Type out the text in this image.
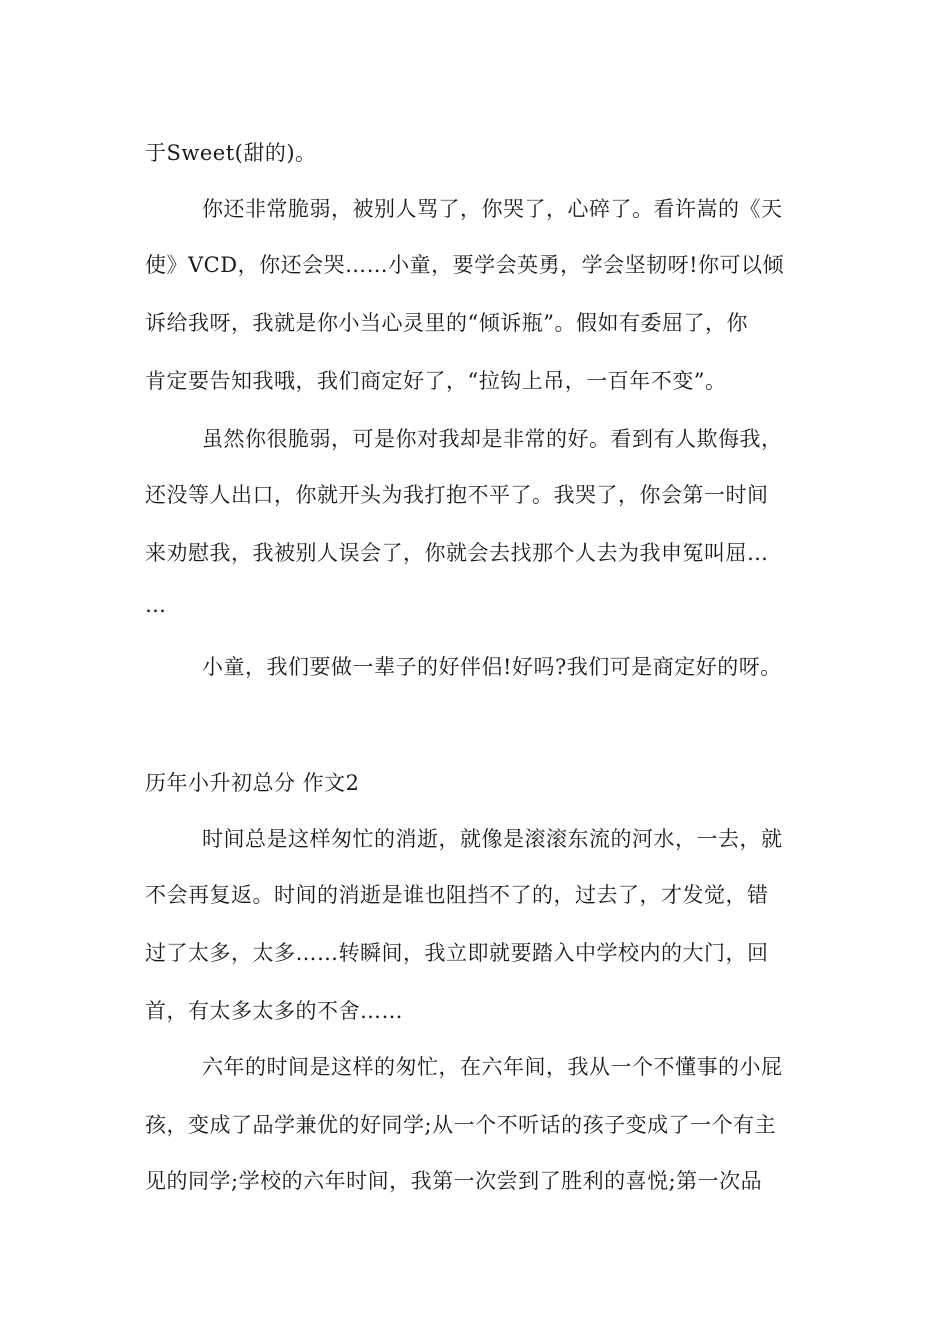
于Sweet(甜的)。
你还非常脆弱，被别人骂了，你哭了，心碎了。看许嵩的《天
使》VCD，你还会哭……小童，要学会英勇，学会坚韧呀!你可以倾
诉给我呀，我就是你小当心灵里的“倾诉瓶”。假如有委屈了，你
肯定要告知我哦，我们商定好了，“拉钩上吊，一百年不变”。
虽然你很脆弱，可是你对我却是非常的好。看到有人欺侮我，
还没等人出口，你就开头为我打抱不平了。我哭了，你会第一时间
来劝慰我，我被别人误会了，你就会去找那个人去为我申冤叫屈…
…
小童，我们要做一辈子的好伴侣!好吗?我们可是商定好的呀。
历年小升初总分 作文2
时间总是这样匆忙的消逝，就像是滚滚东流的河水，一去，就
不会再复返。时间的消逝是谁也阻挡不了的，过去了，才发觉，错
过了太多，太多……转瞬间，我立即就要踏入中学校内的大门，回
首，有太多太多的不舍……
六年的时间是这样的匆忙，在六年间，我从一个不懂事的小屁
孩，变成了品学兼优的好同学;从一个不听话的孩子变成了一个有主
见的同学;学校的六年时间，我第一次尝到了胜利的喜悦;第一次品
